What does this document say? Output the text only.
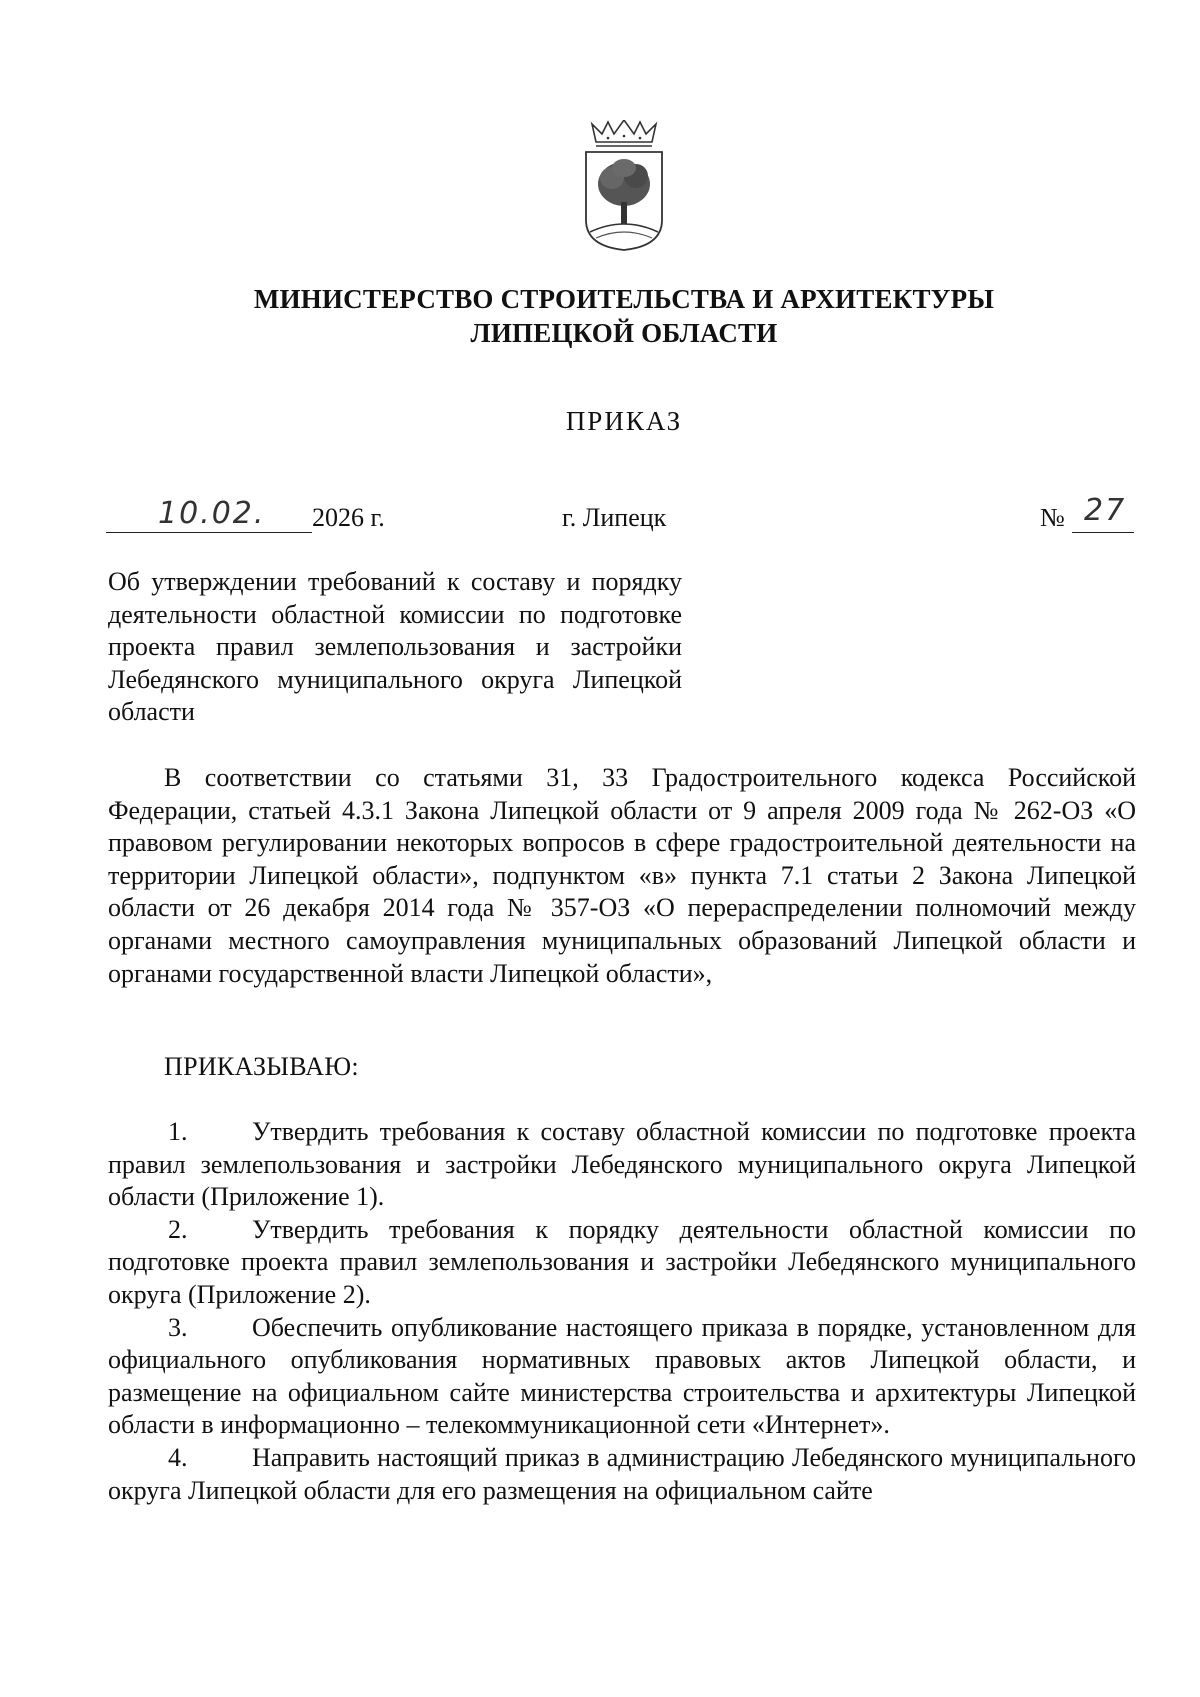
МИНИСТЕРСТВО СТРОИТЕЛЬСТВА И АРХИТЕКТУРЫ
ЛИПЕЦКОЙ ОБЛАСТИ
ПРИКАЗ
10.02. 2026 г.	г. Липецк	№ 27

Об утверждении требований к составу и порядку деятельности областной комиссии по подготовке проекта правил землепользования и застройки Лебедянского муниципального округа Липецкой области

В соответствии со статьями 31, 33 Градостроительного кодекса Российской Федерации, статьей 4.3.1 Закона Липецкой области от 9 апреля 2009 года № 262-ОЗ «О правовом регулировании некоторых вопросов в сфере градостроительной деятельности на территории Липецкой области», подпунктом «в» пункта 7.1 статьи 2 Закона Липецкой области от 26 декабря 2014 года № 357-ОЗ «О перераспределении полномочий между органами местного самоуправления муниципальных образований Липецкой области и органами государственной власти Липецкой области»,

ПРИКАЗЫВАЮ:

1. Утвердить требования к составу областной комиссии по подготовке проекта правил землепользования и застройки Лебедянского муниципального округа Липецкой области (Приложение 1).

2. Утвердить требования к порядку деятельности областной комиссии по подготовке проекта правил землепользования и застройки Лебедянского муниципального округа (Приложение 2).

3. Обеспечить опубликование настоящего приказа в порядке, установленном для официального опубликования нормативных правовых актов Липецкой области, и размещение на официальном сайте министерства строительства и архитектуры Липецкой области в информационно – телекоммуникационной сети «Интернет».

4. Направить настоящий приказ в администрацию Лебедянского муниципального округа Липецкой области для его размещения на официальном сайте
